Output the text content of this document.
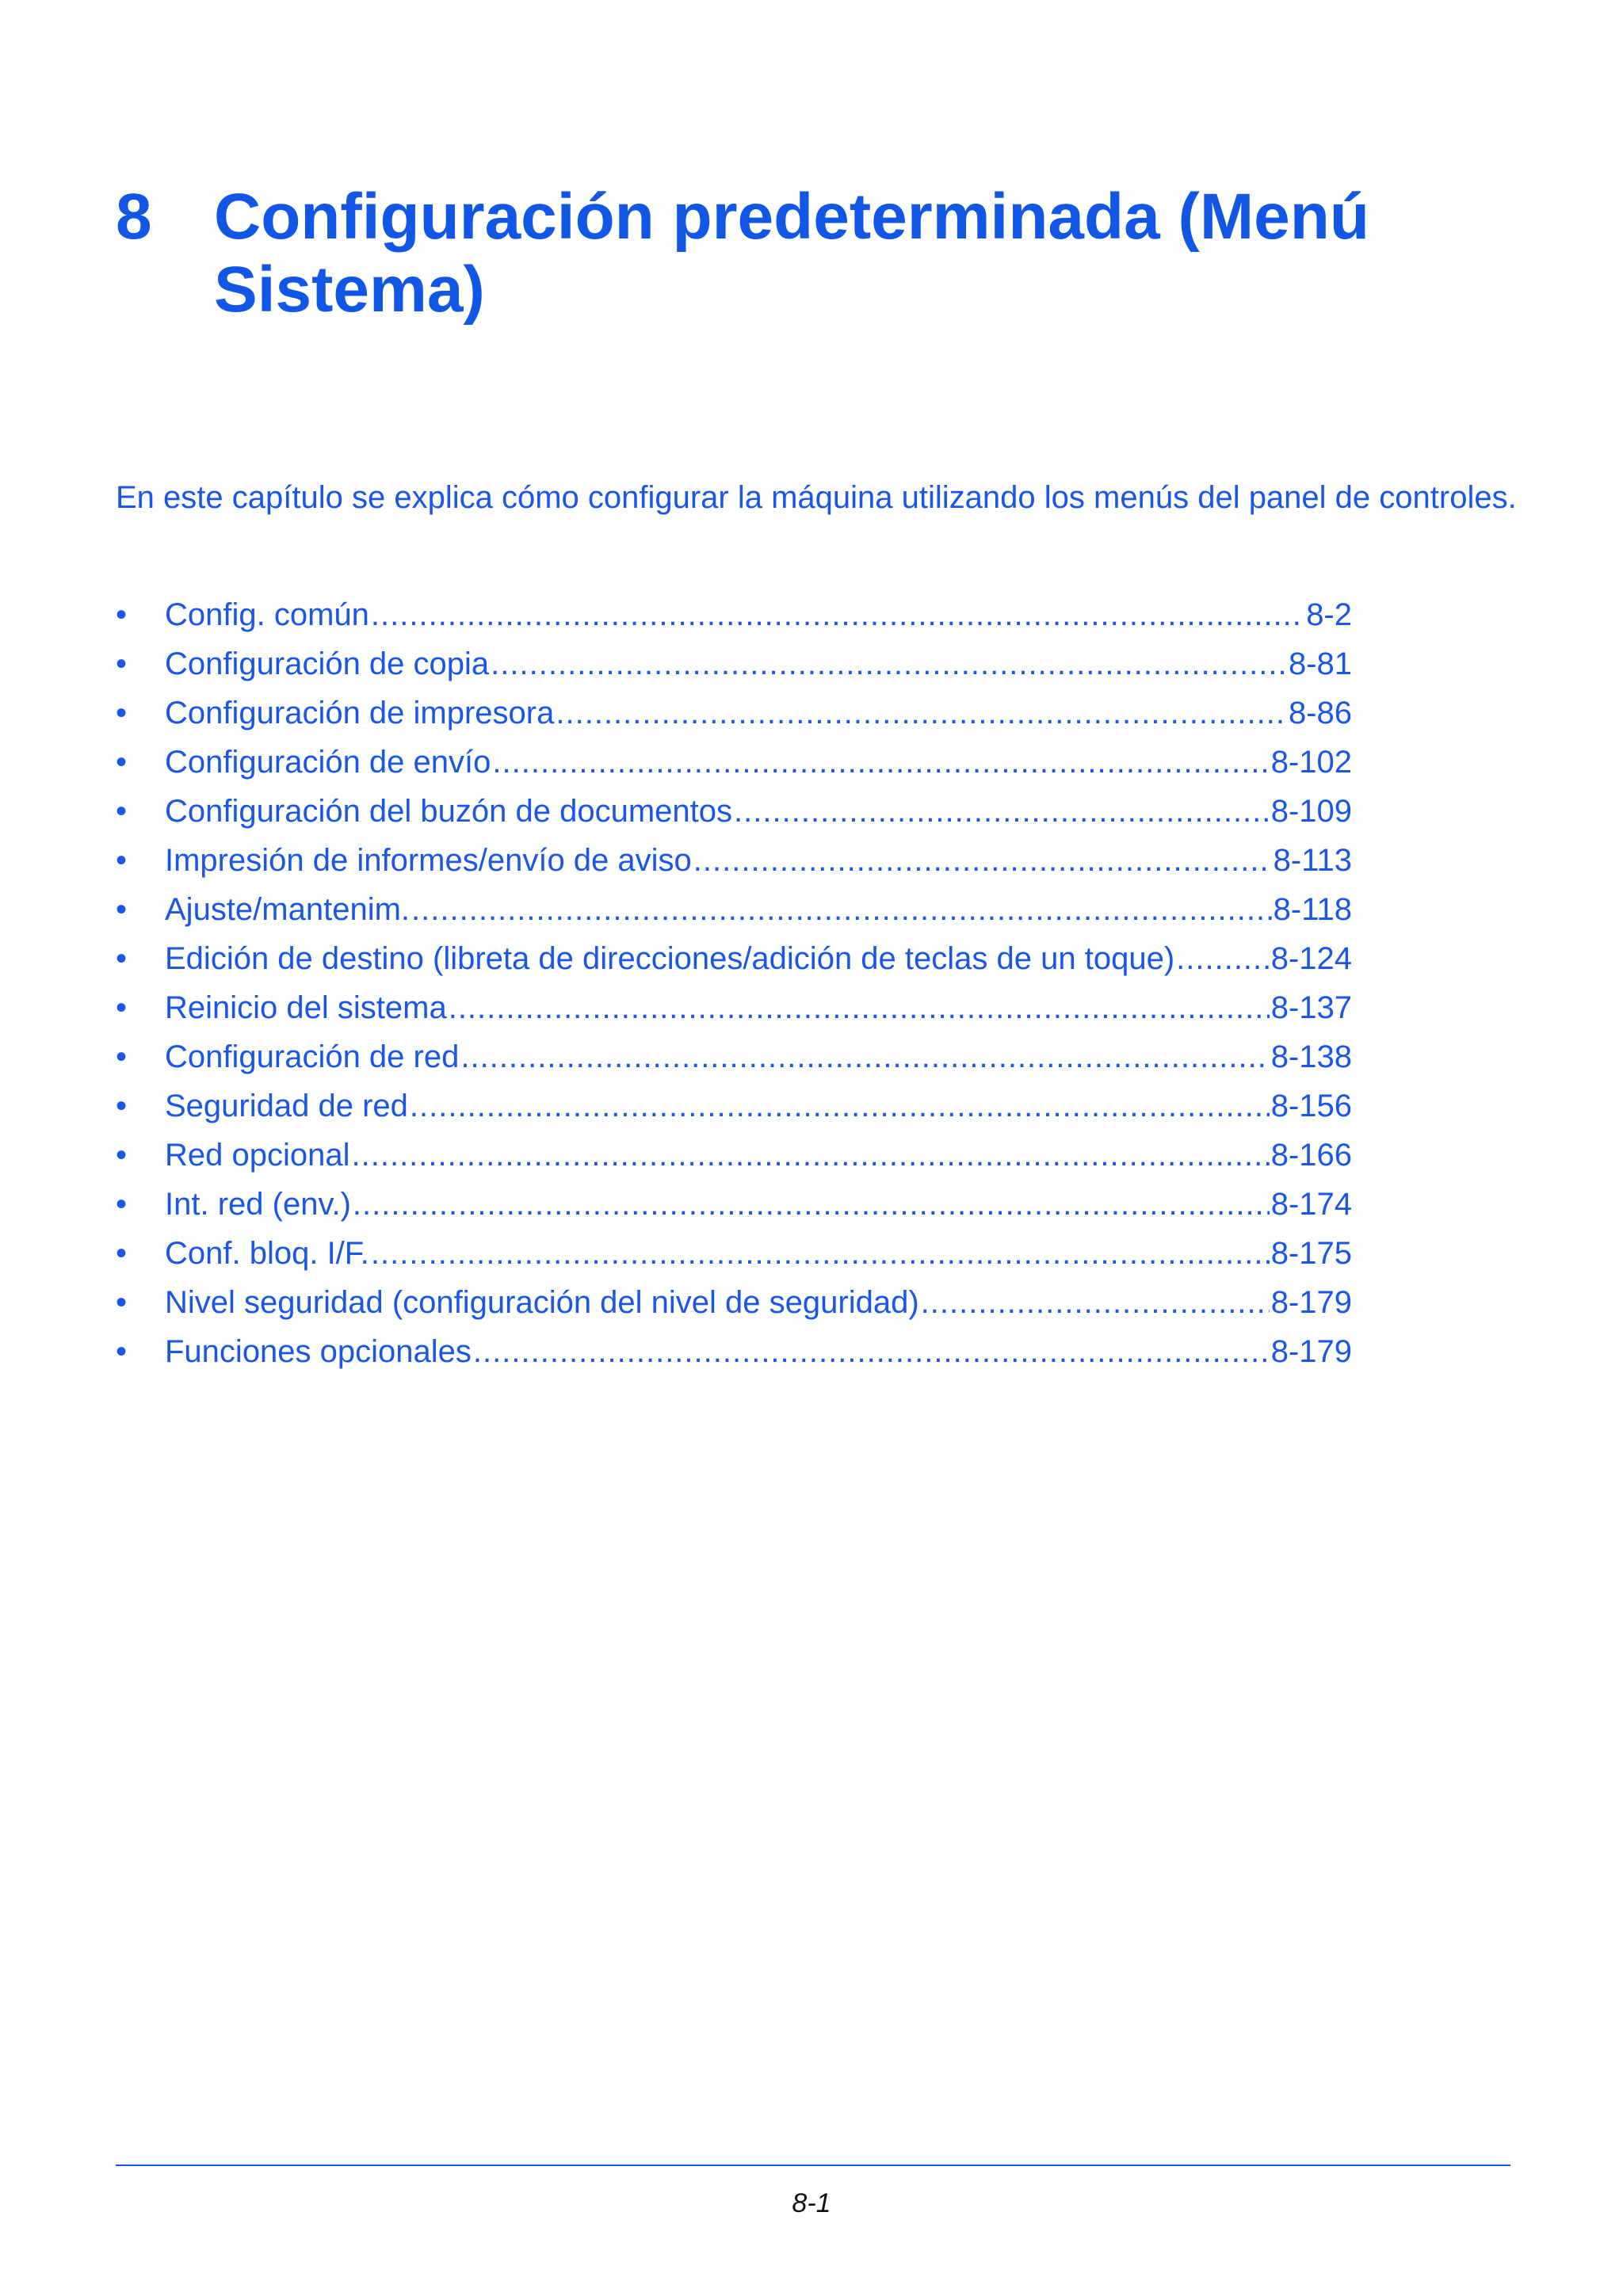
8 Configuración predeterminada (Menú Sistema)

En este capítulo se explica cómo configurar la máquina utilizando los menús del panel de controles.

•	Config. común .....	8-2
•	Configuración de copia .....	8-81
•	Configuración de impresora .....	8-86
•	Configuración de envío .....	8-102
•	Configuración del buzón de documentos .....	8-109
•	Impresión de informes/envío de aviso .....	8-113
•	Ajuste/mantenim. .....	8-118
•	Edición de destino (libreta de direcciones/adición de teclas de un toque) .....	8-124
•	Reinicio del sistema .....	8-137
•	Configuración de red .....	8-138
•	Seguridad de red .....	8-156
•	Red opcional .....	8-166
•	Int. red (env.) .....	8-174
•	Conf. bloq. I/F. .....	8-175
•	Nivel seguridad (configuración del nivel de seguridad) .....	8-179
•	Funciones opcionales .....	8-179
8-1
